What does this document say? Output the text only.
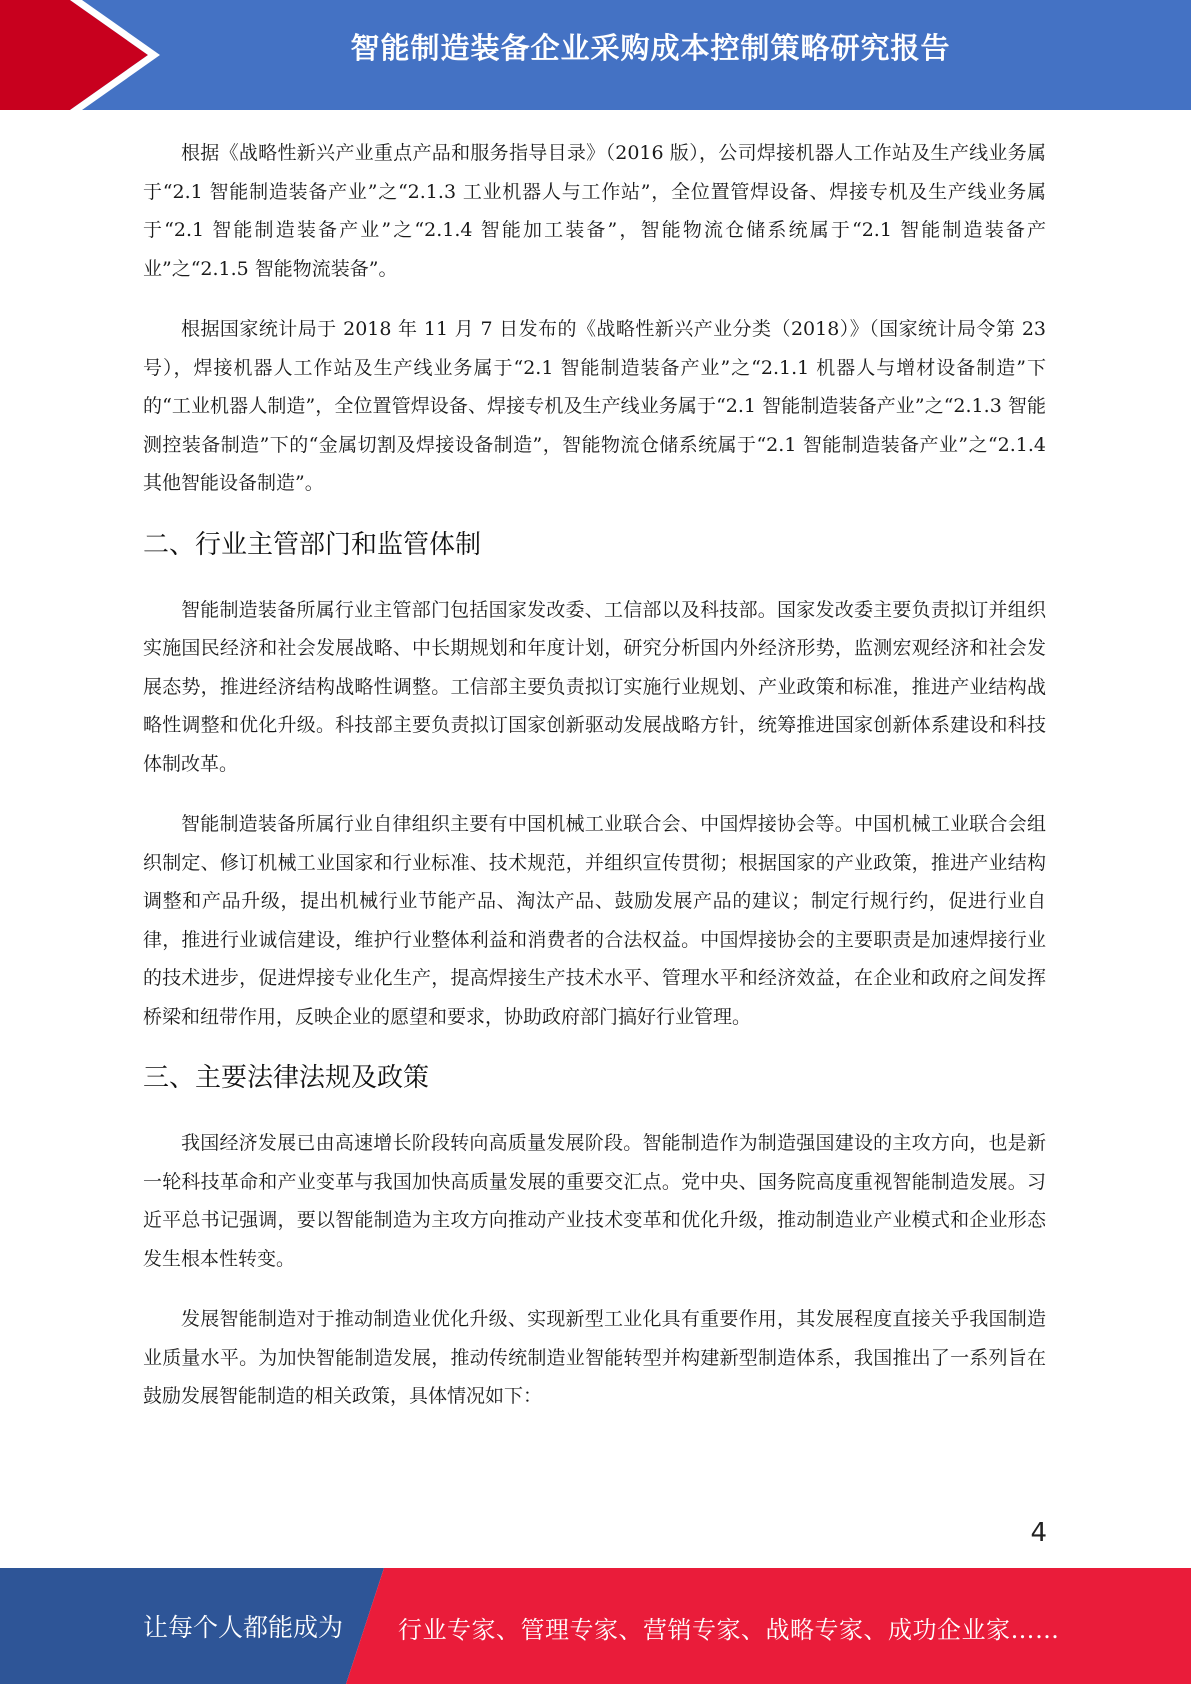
智能制造装备企业采购成本控制策略研究报告

根据《战略性新兴产业重点产品和服务指导目录》（2016 版），公司焊接机器人工作站及生产线业务属于“2.1 智能制造装备产业”之“2.1.3 工业机器人与工作站”，全位置管焊设备、焊接专机及生产线业务属于“2.1 智能制造装备产业”之“2.1.4 智能加工装备”，智能物流仓储系统属于“2.1 智能制造装备产业”之“2.1.5 智能物流装备”。

根据国家统计局于 2018 年 11 月 7 日发布的《战略性新兴产业分类（2018）》（国家统计局令第 23 号），焊接机器人工作站及生产线业务属于“2.1 智能制造装备产业”之“2.1.1 机器人与增材设备制造”下的“工业机器人制造”，全位置管焊设备、焊接专机及生产线业务属于“2.1 智能制造装备产业”之“2.1.3 智能测控装备制造”下的“金属切割及焊接设备制造”，智能物流仓储系统属于“2.1 智能制造装备产业”之“2.1.4 其他智能设备制造”。

二、行业主管部门和监管体制

智能制造装备所属行业主管部门包括国家发改委、工信部以及科技部。国家发改委主要负责拟订并组织实施国民经济和社会发展战略、中长期规划和年度计划，研究分析国内外经济形势，监测宏观经济和社会发展态势，推进经济结构战略性调整。工信部主要负责拟订实施行业规划、产业政策和标准，推进产业结构战略性调整和优化升级。科技部主要负责拟订国家创新驱动发展战略方针，统筹推进国家创新体系建设和科技体制改革。

智能制造装备所属行业自律组织主要有中国机械工业联合会、中国焊接协会等。中国机械工业联合会组织制定、修订机械工业国家和行业标准、技术规范，并组织宣传贯彻；根据国家的产业政策，推进产业结构调整和产品升级，提出机械行业节能产品、淘汰产品、鼓励发展产品的建议；制定行规行约，促进行业自律，推进行业诚信建设，维护行业整体利益和消费者的合法权益。中国焊接协会的主要职责是加速焊接行业的技术进步，促进焊接专业化生产，提高焊接生产技术水平、管理水平和经济效益，在企业和政府之间发挥桥梁和纽带作用，反映企业的愿望和要求，协助政府部门搞好行业管理。

三、主要法律法规及政策

我国经济发展已由高速增长阶段转向高质量发展阶段。智能制造作为制造强国建设的主攻方向，也是新一轮科技革命和产业变革与我国加快高质量发展的重要交汇点。党中央、国务院高度重视智能制造发展。习近平总书记强调，要以智能制造为主攻方向推动产业技术变革和优化升级，推动制造业产业模式和企业形态发生根本性转变。

发展智能制造对于推动制造业优化升级、实现新型工业化具有重要作用，其发展程度直接关乎我国制造业质量水平。为加快智能制造发展，推动传统制造业智能转型并构建新型制造体系，我国推出了一系列旨在鼓励发展智能制造的相关政策，具体情况如下：

4
让每个人都能成为 行业专家、管理专家、营销专家、战略专家、成功企业家……
